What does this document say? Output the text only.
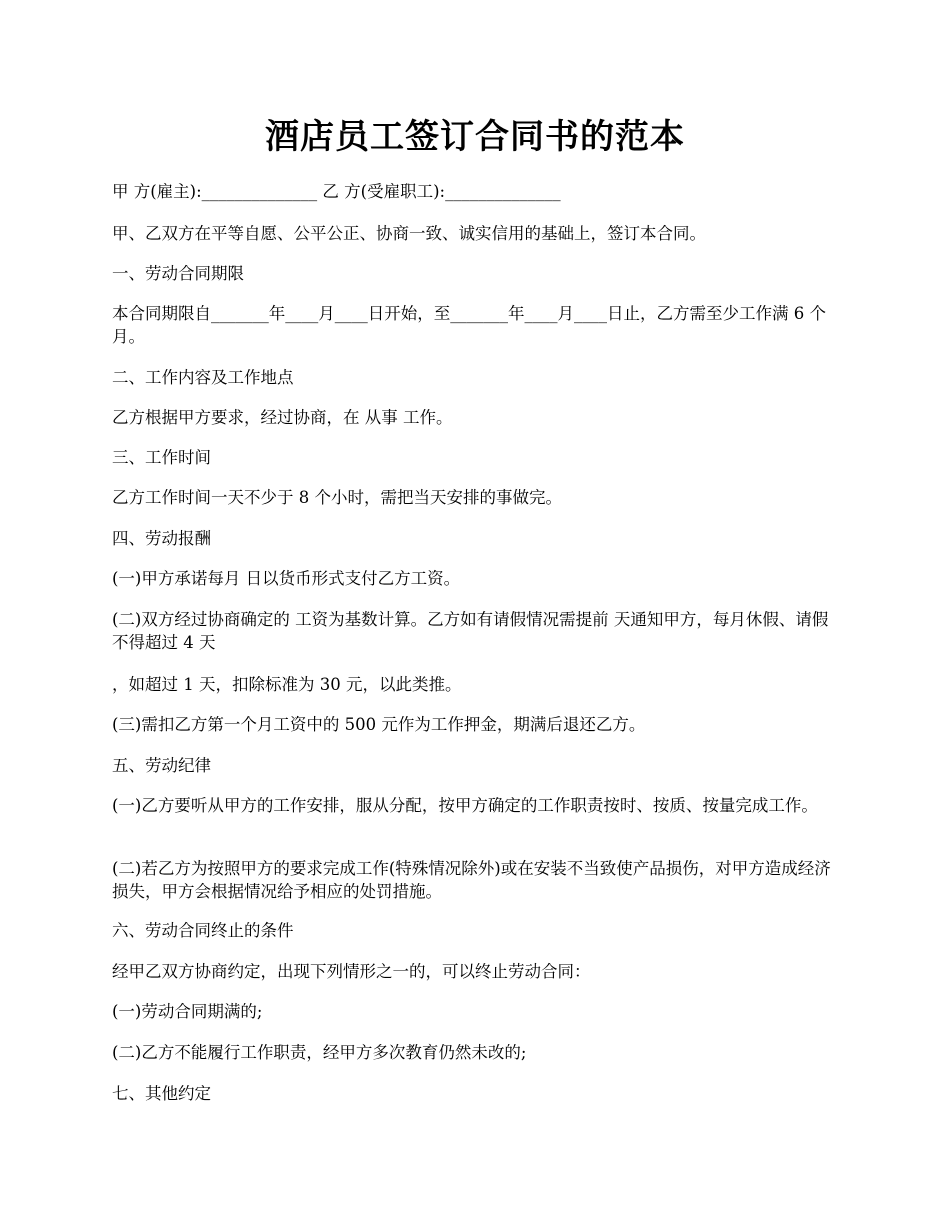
酒店员工签订合同书的范本
甲 方(雇主):______________ 乙 方(受雇职工):______________
甲、乙双方在平等自愿、公平公正、协商一致、诚实信用的基础上，签订本合同。
一、劳动合同期限
本合同期限自_______年____月____日开始，至_______年____月____日止，乙方需至少工作满 6 个月。
二、工作内容及工作地点
乙方根据甲方要求，经过协商，在 从事 工作。
三、工作时间
乙方工作时间一天不少于 8 个小时，需把当天安排的事做完。
四、劳动报酬
(一)甲方承诺每月 日以货币形式支付乙方工资。
(二)双方经过协商确定的 工资为基数计算。乙方如有请假情况需提前 天通知甲方，每月休假、请假不得超过 4 天
，如超过 1 天，扣除标准为 30 元，以此类推。
(三)需扣乙方第一个月工资中的 500 元作为工作押金，期满后退还乙方。
五、劳动纪律
(一)乙方要听从甲方的工作安排，服从分配，按甲方确定的工作职责按时、按质、按量完成工作。
(二)若乙方为按照甲方的要求完成工作(特殊情况除外)或在安装不当致使产品损伤，对甲方造成经济损失，甲方会根据情况给予相应的处罚措施。
六、劳动合同终止的条件
经甲乙双方协商约定，出现下列情形之一的，可以终止劳动合同：
(一)劳动合同期满的;
(二)乙方不能履行工作职责，经甲方多次教育仍然未改的;
七、其他约定
